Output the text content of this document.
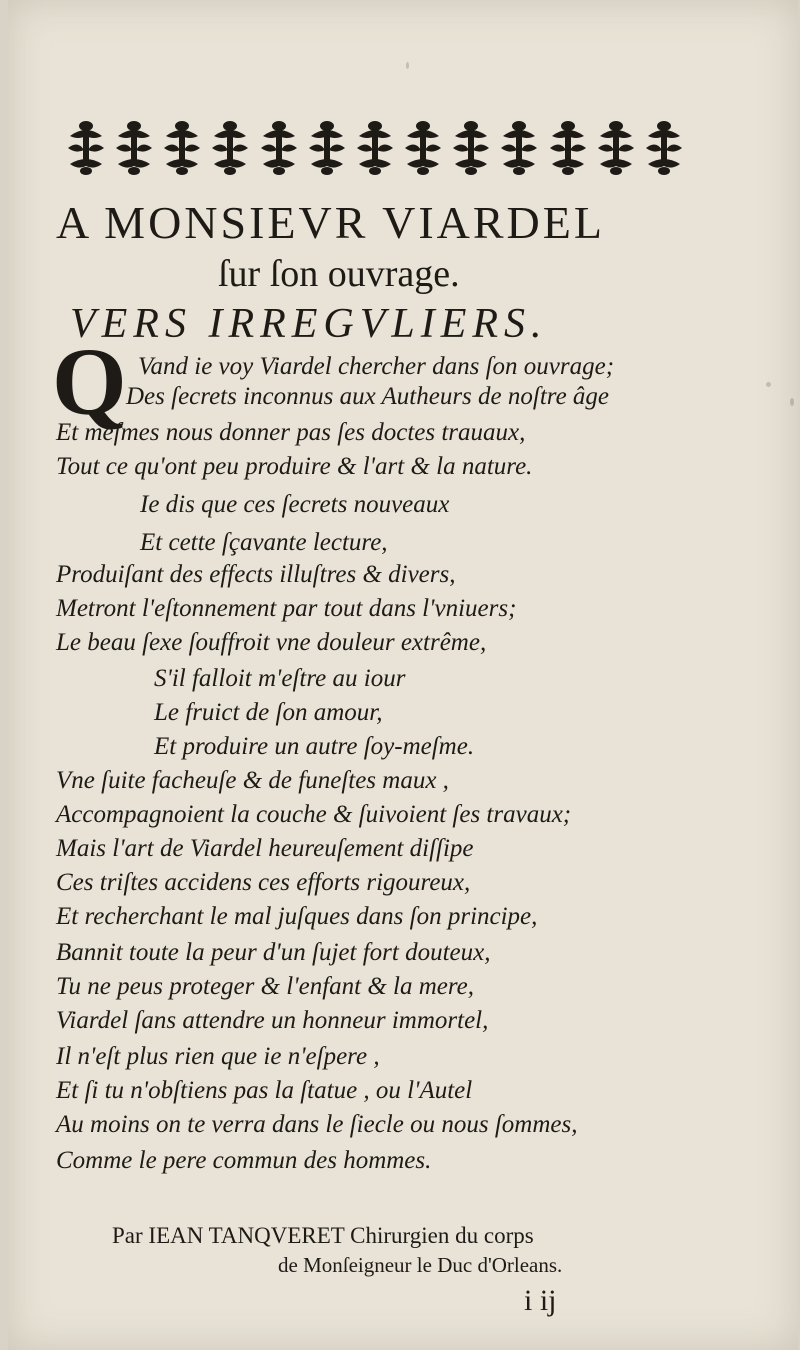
A MONSIEVR VIARDEL
ſur ſon ouvrage.
VERS IRREGVLIERS.
Q Vand ie voy Viardel chercher dans ſon ouvrage;
Des ſecrets inconnus aux Autheurs de noſtre âge
Et meſmes nous donner pas ſes doctes trauaux,
Tout ce qu'ont peu produire & l'art & la nature.
Ie dis que ces ſecrets nouveaux
Et cette ſçavante lecture,
Produiſant des effects illuſtres & divers,
Metront l'eſtonnement par tout dans l'vniuers;
Le beau ſexe ſouffroit vne douleur extrême,
S'il falloit m'eſtre au iour
Le fruict de ſon amour,
Et produire un autre ſoy-meſme.
Vne ſuite facheuſe & de funeſtes maux ,
Accompagnoient la couche & ſuivoient ſes travaux;
Mais l'art de Viardel heureuſement diſſipe
Ces triſtes accidens ces efforts rigoureux,
Et recherchant le mal juſques dans ſon principe,
Bannit toute la peur d'un ſujet fort douteux,
Tu ne peus proteger & l'enfant & la mere,
Viardel ſans attendre un honneur immortel,
Il n'eſt plus rien que ie n'eſpere ,
Et ſi tu n'obſtiens pas la ſtatue , ou l'Autel
Au moins on te verra dans le ſiecle ou nous ſommes,
Comme le pere commun des hommes.
Par IEAN TANQVERET Chirurgien du corps
de Monſeigneur le Duc d'Orleans.
i ij
